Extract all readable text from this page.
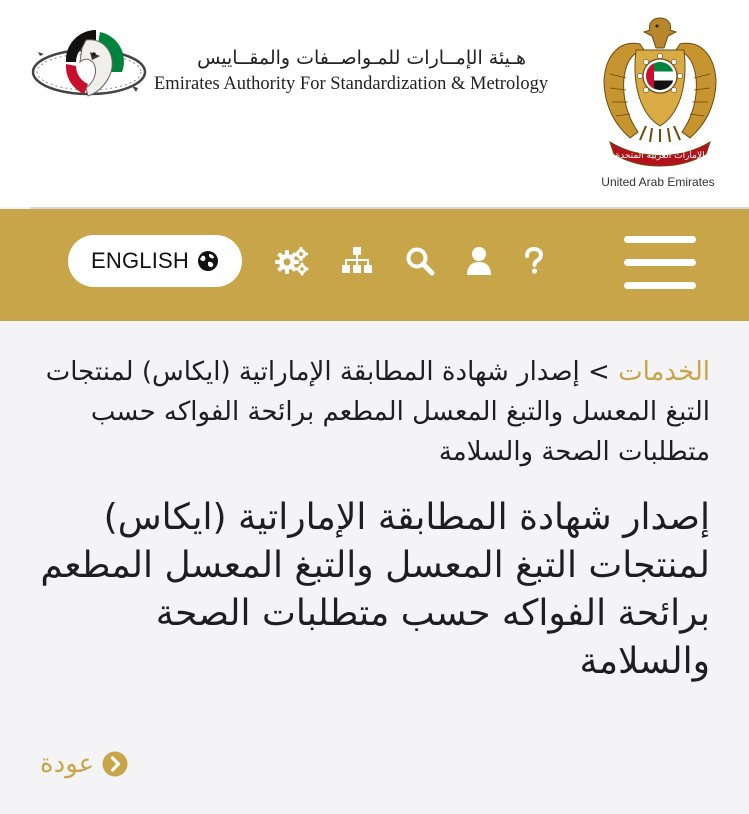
هـيئة الإمــارات للمـواصــفات والمقــاييس
Emirates Authority For Standardization & Metrology
الإمارات العربية المتحدة
United Arab Emirates
ENGLISH
الخدمات > إصدار شهادة المطابقة الإماراتية (ايكاس) لمنتجات التبغ المعسل والتبغ المعسل المطعم برائحة الفواكه حسب متطلبات الصحة والسلامة
إصدار شهادة المطابقة الإماراتية (ايكاس) لمنتجات التبغ المعسل والتبغ المعسل المطعم برائحة الفواكه حسب متطلبات الصحة والسلامة
عودة
